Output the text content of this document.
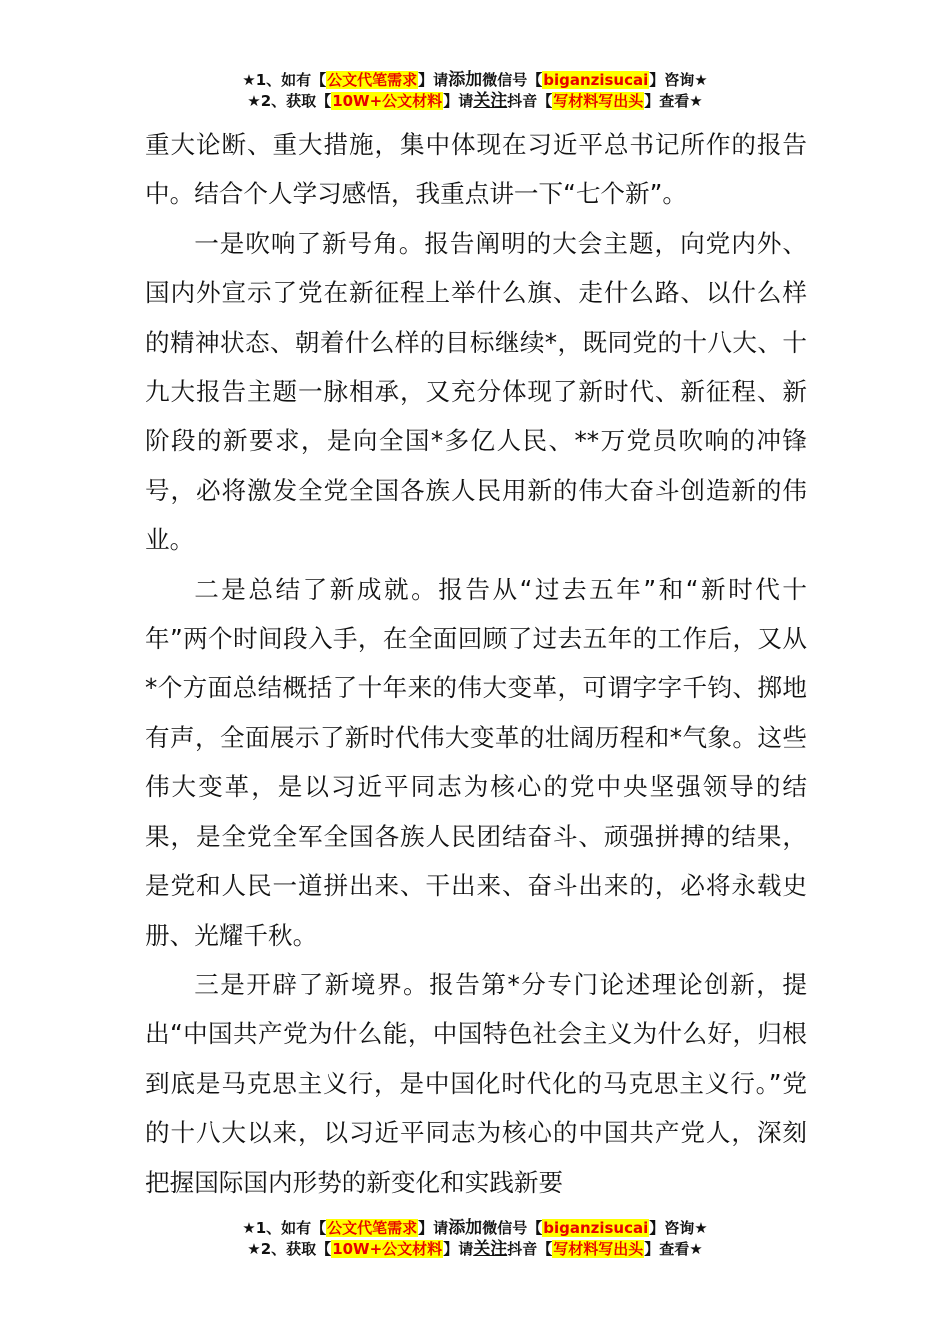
★1、如有【公文代笔需求】请添加微信号【biganzisucai】咨询★
★2、获取【10W+公文材料】请关注抖音【写材料写出头】查看★

重大论断、重大措施，集中体现在习近平总书记所作的报告中。结合个人学习感悟，我重点讲一下“七个新”。

一是吹响了新号角。报告阐明的大会主题，向党内外、国内外宣示了党在新征程上举什么旗、走什么路、以什么样的精神状态、朝着什么样的目标继续*，既同党的十八大、十九大报告主题一脉相承，又充分体现了新时代、新征程、新阶段的新要求，是向全国*多亿人民、**万党员吹响的冲锋号，必将激发全党全国各族人民用新的伟大奋斗创造新的伟业。

二是总结了新成就。报告从“过去五年”和“新时代十年”两个时间段入手，在全面回顾了过去五年的工作后，又从*个方面总结概括了十年来的伟大变革，可谓字字千钧、掷地有声，全面展示了新时代伟大变革的壮阔历程和*气象。这些伟大变革，是以习近平同志为核心的党中央坚强领导的结果，是全党全军全国各族人民团结奋斗、顽强拼搏的结果，是党和人民一道拼出来、干出来、奋斗出来的，必将永载史册、光耀千秋。

三是开辟了新境界。报告第*分专门论述理论创新，提出“中国共产党为什么能，中国特色社会主义为什么好，归根到底是马克思主义行，是中国化时代化的马克思主义行。”党的十八大以来，以习近平同志为核心的中国共产党人，深刻把握国际国内形势的新变化和实践新要

★1、如有【公文代笔需求】请添加微信号【biganzisucai】咨询★
★2、获取【10W+公文材料】请关注抖音【写材料写出头】查看★
